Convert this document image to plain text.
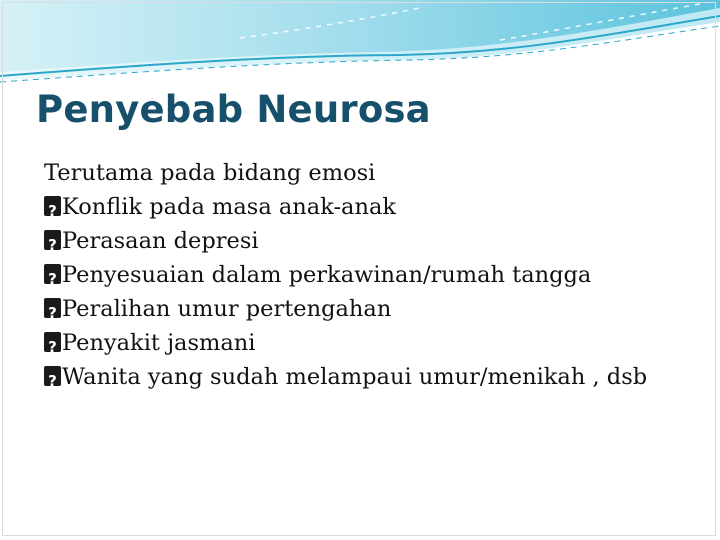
Penyebab Neurosa

Terutama pada bidang emosi

?
Konflik pada masa anak-anak
?
Perasaan depresi
?
Penyesuaian dalam perkawinan/rumah tangga
?
Peralihan umur pertengahan
?
Penyakit jasmani
?
Wanita yang sudah melampaui umur/menikah , dsb
